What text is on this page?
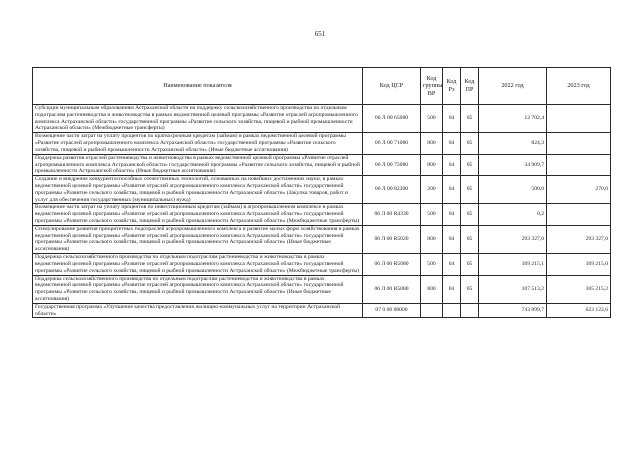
651
Наименование показателя	Код ЦСР	Код группы ВР	Код Рз	Код ПР	2022 год	2023 год
Субсидии муниципальным образованиям Астраханской области на поддержку сельскохозяйственного производства по отдельным подотраслям растениеводства и животноводства в рамках ведомственной целевой программы «Развитие отраслей агропромышленного комплекса Астраханской области» государственной программы «Развитие сельского хозяйства, пищевой и рыбной промышленности Астраханской области» (Межбюджетные трансферты)	06 Л 00 65080	500	04	05	12 702,4	
Возмещение части затрат на уплату процентов по краткосрочным кредитам (займам) в рамках ведомственной целевой программы «Развитие отраслей агропромышленного комплекса Астраханской области» государственной программы «Развитие сельского хозяйства, пищевой и рыбной промышленности Астраханской области» (Иные бюджетные ассигнования)	06 Л 00 71080	800	04	05	824,3	
Поддержка развития отраслей растениеводства и животноводства в рамках ведомственной целевой программы «Развитие отраслей агропромышленного комплекса Астраханской области» государственной программы «Развитие сельского хозяйства, пищевой и рыбной промышленности Астраханской области» (Иные бюджетные ассигнования)	06 Л 00 75080	800	04	05	34 909,7	
Создание и внедрение конкурентоспособных отечественных технологий, основанных на новейших достижениях науки, в рамках ведомственной целевой программы «Развитие отраслей агропромышленного комплекса Астраханской области» государственной программы «Развитие сельского хозяйства, пищевой и рыбной промышленности Астраханской области» (Закупка товаров, работ и услуг для обеспечения государственных (муниципальных) нужд)	06 Л 00 82300	200	04	05	500,0	270,0
Возмещение части затрат на уплату процентов по инвестиционным кредитам (займам) в агропромышленном комплексе в рамках ведомственной целевой программы «Развитие отраслей агропромышленного комплекса Астраханской области» государственной программы «Развитие сельского хозяйства, пищевой и рыбной промышленности Астраханской области» (Межбюджетные трансферты)	06 Л 00 R4330	500	04	05	0,2	
Стимулирование развития приоритетных подотраслей агропромышленного комплекса и развитие малых форм хозяйствования в рамках ведомственной целевой программы «Развитие отраслей агропромышленного комплекса Астраханской области» государственной программы «Развитие сельского хозяйства, пищевой и рыбной промышленности Астраханской области» (Иные бюджетные ассигнования)	06 Л 00 R5020	800	04	05	293 327,0	293 327,0
Поддержка сельскохозяйственного производства по отдельным подотраслям растениеводства и животноводства в рамках ведомственной целевой программы «Развитие отраслей агропромышленного комплекса Астраханской области» государственной программы «Развитие сельского хозяйства, пищевой и рыбной промышленности Астраханской области» (Межбюджетные трансферты)	06 Л 00 R5080	500	04	05	169 215,1	169 215,0
Поддержка сельскохозяйственного производства по отдельным подотраслям растениеводства и животноводства в рамках ведомственной целевой программы «Развитие отраслей агропромышленного комплекса Астраханской области» государственной программы «Развитие сельского хозяйства, пищевой и рыбной промышленности Астраханской области» (Иные бюджетные ассигнования)	06 Л 00 R5080	800	04	05	107 513,2	105 215,2
Государственная программа «Улучшение качества предоставления жилищно-коммунальных услуг на территории Астраханской области»	07 0 00 00000				743 899,7	623 122,6
